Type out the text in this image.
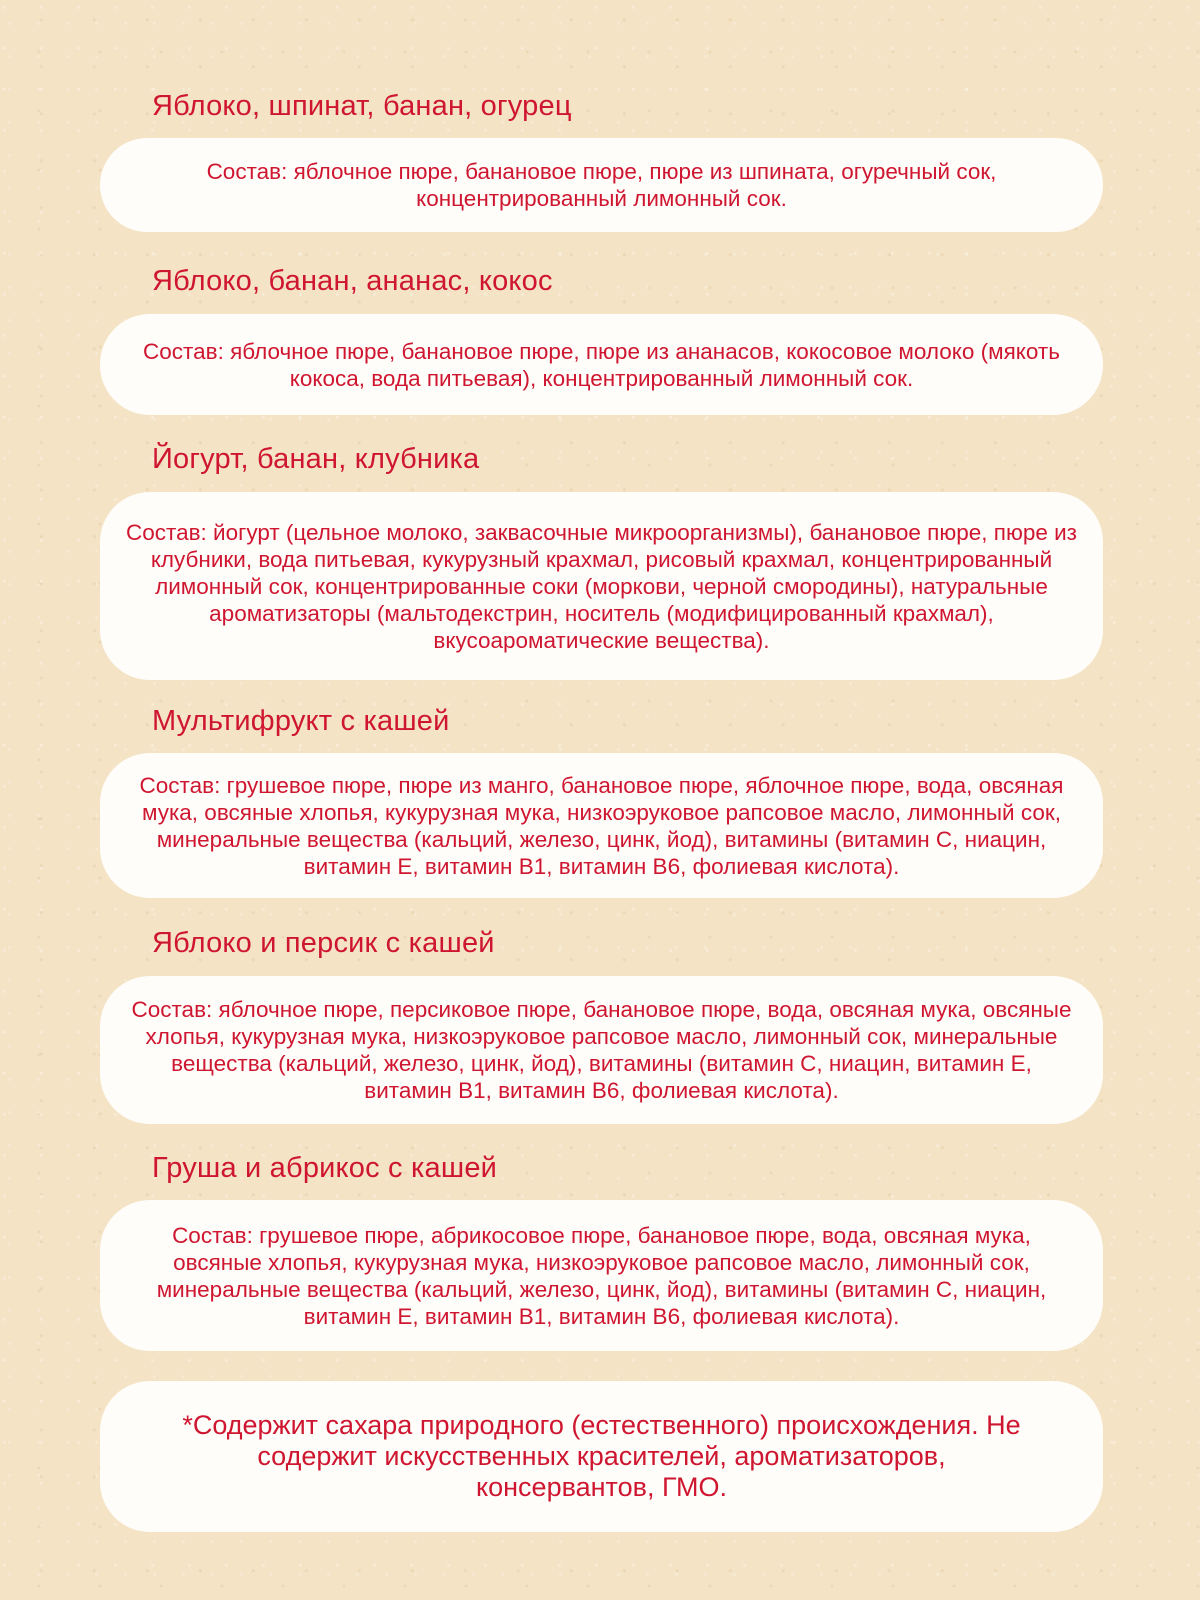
Яблоко, шпинат, банан, огурец

Состав: яблочное пюре, банановое пюре, пюре из шпината, огуречный сок, концентрированный лимонный сок.

Яблоко, банан, ананас, кокос

Состав: яблочное пюре, банановое пюре, пюре из ананасов, кокосовое молоко (мякоть кокоса, вода питьевая), концентрированный лимонный сок.

Йогурт, банан, клубника

Состав: йогурт (цельное молоко, заквасочные микроорганизмы), банановое пюре, пюре из клубники, вода питьевая, кукурузный крахмал, рисовый крахмал, концентрированный лимонный сок, концентрированные соки (моркови, черной смородины), натуральные ароматизаторы (мальтодекстрин, носитель (модифицированный крахмал), вкусоароматические вещества).

Мультифрукт с кашей

Состав: грушевое пюре, пюре из манго, банановое пюре, яблочное пюре, вода, овсяная мука, овсяные хлопья, кукурузная мука, низкоэруковое рапсовое масло, лимонный сок, минеральные вещества (кальций, железо, цинк, йод), витамины (витамин С, ниацин, витамин Е, витамин В1, витамин В6, фолиевая кислота).

Яблоко и персик с кашей

Состав: яблочное пюре, персиковое пюре, банановое пюре, вода, овсяная мука, овсяные хлопья, кукурузная мука, низкоэруковое рапсовое масло, лимонный сок, минеральные вещества (кальций, железо, цинк, йод), витамины (витамин С, ниацин, витамин Е, витамин В1, витамин В6, фолиевая кислота).

Груша и абрикос с кашей

Состав: грушевое пюре, абрикосовое пюре, банановое пюре, вода, овсяная мука, овсяные хлопья, кукурузная мука, низкоэруковое рапсовое масло, лимонный сок, минеральные вещества (кальций, железо, цинк, йод), витамины (витамин С, ниацин, витамин Е, витамин В1, витамин В6, фолиевая кислота).

*Содержит сахара природного (естественного) происхождения. Не содержит искусственных красителей, ароматизаторов, консервантов, ГМО.
